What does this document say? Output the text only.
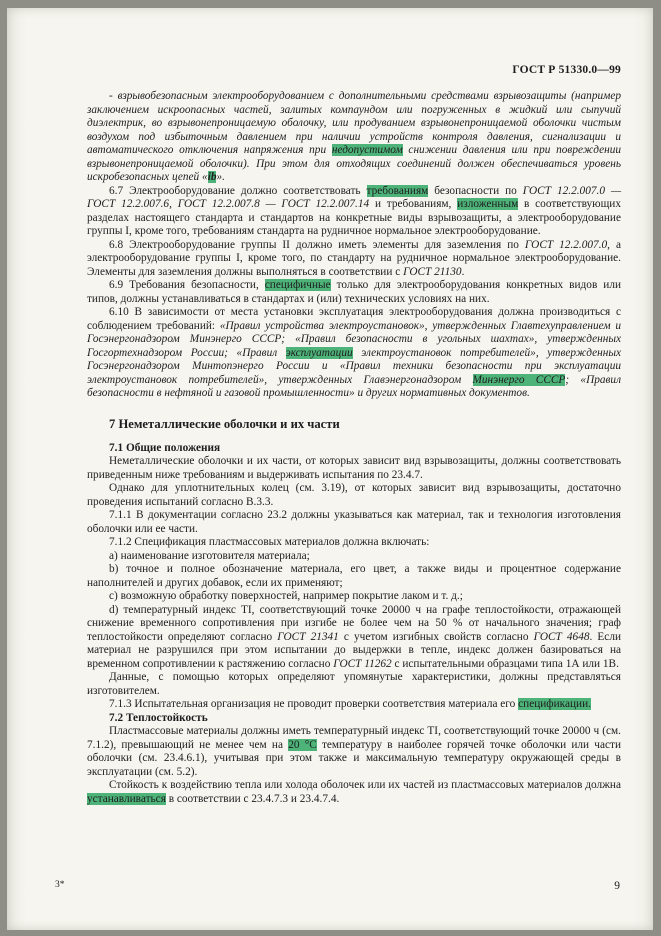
ГОСТ Р 51330.0—99
- взрывобезопасным электрооборудованием с дополнительными средствами взрывозащиты (например заключением искроопасных частей, залитых компаундом или погруженных в жидкий или сыпучий диэлектрик, во взрывонепроницаемую оболочку, или продуванием взрывонепроницаемой оболочки чистым воздухом под избыточным давлением при наличии устройств контроля давления, сигнализации и автоматического отключения напряжения при недопустимом снижении давления или при повреждении взрывонепроницаемой оболочки). При этом для отходящих соединений должен обеспечиваться уровень искробезопасных цепей «ib».
6.7 Электрооборудование должно соответствовать требованиям безопасности по ГОСТ 12.2.007.0 — ГОСТ 12.2.007.6, ГОСТ 12.2.007.8 — ГОСТ 12.2.007.14 и требованиям, изложенным в соответствующих разделах настоящего стандарта и стандартов на конкретные виды взрывозащиты, а электрооборудование группы I, кроме того, требованиям стандарта на рудничное нормальное электрооборудование.
6.8 Электрооборудование группы II должно иметь элементы для заземления по ГОСТ 12.2.007.0, а электрооборудование группы I, кроме того, по стандарту на рудничное нормальное электрооборудование. Элементы для заземления должны выполняться в соответствии с ГОСТ 21130.
6.9 Требования безопасности, специфичные только для электрооборудования конкретных видов или типов, должны устанавливаться в стандартах и (или) технических условиях на них.
6.10 В зависимости от места установки эксплуатация электрооборудования должна производиться с соблюдением требований: «Правил устройства электроустановок», утвержденных Главтехуправлением и Госэнергонадзором Минэнерго СССР; «Правил безопасности в угольных шахтах», утвержденных Госгортехнадзором России; «Правил эксплуатации электроустановок потребителей», утвержденных Госэнергонадзором Минтопэнерго России и «Правил техники безопасности при эксплуатации электроустановок потребителей», утвержденных Главэнергонадзором Минэнерго СССР; «Правил безопасности в нефтяной и газовой промышленности» и других нормативных документов.
7 Неметаллические оболочки и их части
7.1 Общие положения
Неметаллические оболочки и их части, от которых зависит вид взрывозащиты, должны соответствовать приведенным ниже требованиям и выдерживать испытания по 23.4.7.
Однако для уплотнительных колец (см. 3.19), от которых зависит вид взрывозащиты, достаточно проведения испытаний согласно В.3.3.
7.1.1 В документации согласно 23.2 должны указываться как материал, так и технология изготовления оболочки или ее части.
7.1.2 Спецификация пластмассовых материалов должна включать:
а) наименование изготовителя материала;
b) точное и полное обозначение материала, его цвет, а также виды и процентное содержание наполнителей и других добавок, если их применяют;
с) возможную обработку поверхностей, например покрытие лаком и т. д.;
d) температурный индекс TI, соответствующий точке 20000 ч на графе теплостойкости, отражающей снижение временного сопротивления при изгибе не более чем на 50 % от начального значения; граф теплостойкости определяют согласно ГОСТ 21341 с учетом изгибных свойств согласно ГОСТ 4648. Если материал не разрушился при этом испытании до выдержки в тепле, индекс должен базироваться на временном сопротивлении к растяжению согласно ГОСТ 11262 с испытательными образцами типа 1А или 1В.
Данные, с помощью которых определяют упомянутые характеристики, должны представляться изготовителем.
7.1.3 Испытательная организация не проводит проверки соответствия материала его спецификации.
7.2 Теплостойкость
Пластмассовые материалы должны иметь температурный индекс TI, соответствующий точке 20000 ч (см. 7.1.2), превышающий не менее чем на 20 °С температуру в наиболее горячей точке оболочки или части оболочки (см. 23.4.6.1), учитывая при этом также и максимальную температуру окружающей среды в эксплуатации (см. 5.2).
Стойкость к воздействию тепла или холода оболочек или их частей из пластмассовых материалов должна устанавливаться в соответствии с 23.4.7.3 и 23.4.7.4.
3*	9
